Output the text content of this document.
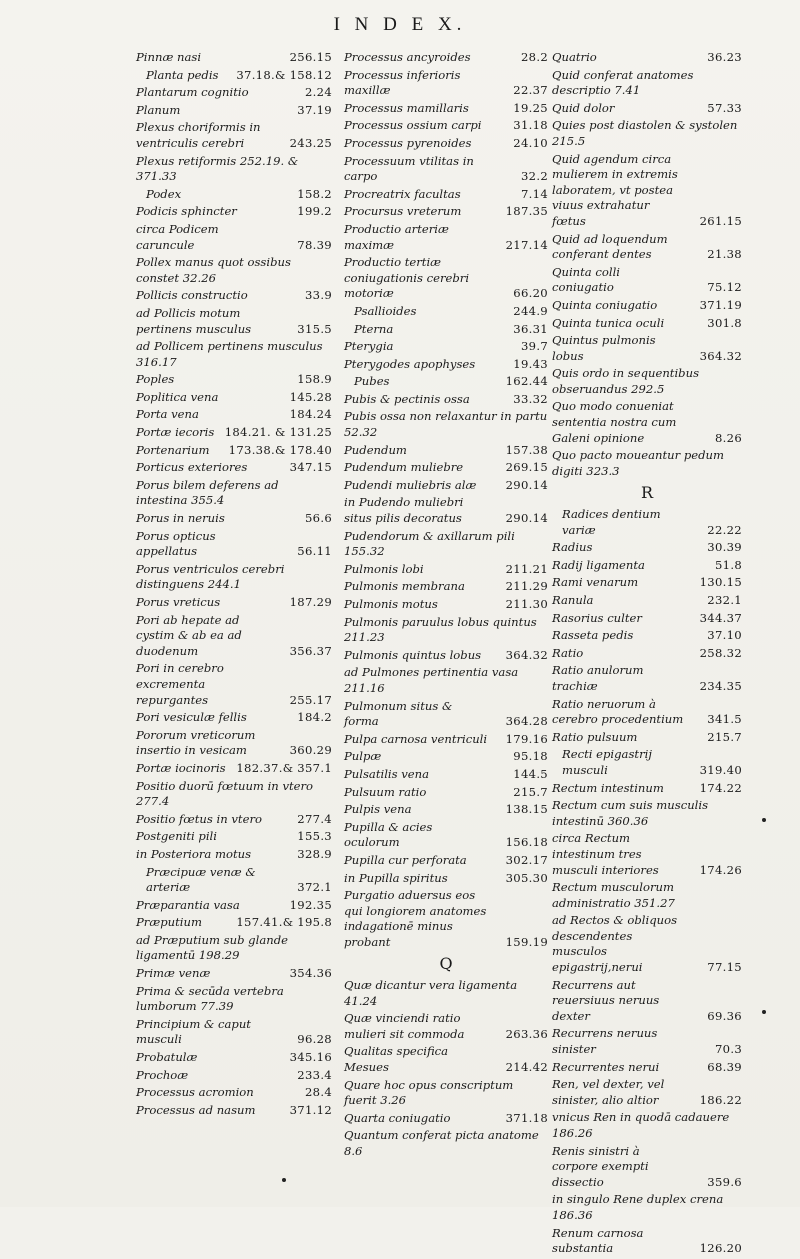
I N D E X.
Pinnæ nasi	256.15
Planta pedis 37.18.& 158.12
Plantarum cognitio	2.24
Planum	37.19
Plexus choriformis in ventriculis cerebri	243.25
Plexus retiformis 252.19. & 371.33
Podex	158.2
Podicis sphincter	199.2
circa Podicem caruncule	78.39
Pollex manus quot ossibus constet 32.26
Pollicis constructio	33.9
ad Pollicis motum pertinens musculus	315.5
ad Pollicem pertinens musculus 316.17
Poples	158.9
Poplitica vena	145.28
Porta vena	184.24
Portæ iecoris 184.21. & 131.25
Portenarium 173.38.& 178.40
Porticus exteriores	347.15
Porus bilem deferens ad intestina 355.4
Porus in neruis	56.6
Porus opticus appellatus	56.11
Porus ventriculos cerebri distinguens 244.1
Porus vreticus	187.29
Pori ab hepate ad cystim & ab ea ad duodenum	356.37
Pori in cerebro excrementa repurgantes	255.17
Pori vesiculæ fellis	184.2
Pororum vreticorum insertio in vesicam	360.29
Portæ iocinoris 182.37.& 357.1
Positio duorū fœtuum in vtero 277.4
Positio fœtus in vtero	277.4
Postgeniti pili	155.3
in Posteriora motus	328.9
Præcipuæ venæ & arteriæ	372.1
Præparantia vasa	192.35
Præputium	157.41.& 195.8
ad Præputium sub glande ligamentū 198.29
Primæ venæ	354.36
Prima & secūda vertebra lumborum 77.39
Principium & caput musculi	96.28
Probatulæ	345.16
Prochoæ	233.4
Processus acromion	28.4
Processus ad nasum	371.12
Processus ancyroides	28.2
Processus inferioris maxillæ	22.37
Processus mamillaris	19.25
Processus ossium carpi	31.18
Processus pyrenoides	24.10
Processuum vtilitas in carpo	32.2
Procreatrix facultas	7.14
Procursus vreterum	187.35
Productio arteriæ maximæ	217.14
Productio tertiæ coniugationis cerebri motoriæ	66.20
Psallioides	244.9
Pterna	36.31
Pterygia	39.7
Pterygodes apophyses	19.43
Pubes	162.44
Pubis & pectinis ossa	33.32
Pubis ossa non relaxantur in partu 52.32
Pudendum	157.38
Pudendum muliebre	269.15
Pudendi muliebris alæ	290.14
in Pudendo muliebri situs pilis decoratus	290.14
Pudendorum & axillarum pili 155.32
Pulmonis lobi	211.21
Pulmonis membrana	211.29
Pulmonis motus	211.30
Pulmonis paruulus lobus quintus 211.23
Pulmonis quintus lobus 364.32
ad Pulmones pertinentia vasa 211.16
Pulmonum situs & forma	364.28
Pulpa carnosa ventriculi 179.16
Pulpæ	95.18
Pulsatilis vena	144.5
Pulsuum ratio	215.7
Pulpis vena	138.15
Pupilla & acies oculorum	156.18
Pupilla cur perforata	302.17
in Pupilla spiritus	305.30
Purgatio aduersus eos qui longiorem anatomes indagationē minus probant	159.19
Q
Quæ dicantur vera ligamenta 41.24
Quæ vinciendi ratio mulieri sit commoda	263.36
Qualitas specifica Mesues	214.42
Quare hoc opus conscriptum fuerit 3.26
Quarta coniugatio	371.18
Quantum conferat picta anatome 8.6
Quatrio	36.23
Quid conferat anatomes descriptio 7.41
Quid dolor	57.33
Quies post diastolen & systolen 215.5
Quid agendum circa mulierem in extremis laboratem, vt postea viuus extrahatur fœtus	261.15
Quid ad loquendum conferant dentes	21.38
Quinta colli coniugatio	75.12
Quinta coniugatio	371.19
Quinta tunica oculi	301.8
Quintus pulmonis lobus	364.32
Quis ordo in sequentibus obseruandus 292.5
Quo modo conueniat sententia nostra cum Galeni opinione	8.26
Quo pacto moueantur pedum digiti 323.3
R
Radices dentium variæ	22.22
Radius	30.39
Radij ligamenta	51.8
Rami venarum	130.15
Ranula	232.1
Rasorius culter	344.37
Rasseta pedis	37.10
Ratio	258.32
Ratio anulorum trachiæ	234.35
Ratio neruorum à cerebro procedentium 341.5
Ratio pulsuum	215.7
Recti epigastrij musculi	319.40
Rectum intestinum	174.22
Rectum cum suis musculis intestinū 360.36
circa Rectum intestinum tres musculi interiores	174.26
Rectum musculorum administratio 351.27
ad Rectos & obliquos descendentes musculos epigastrij,nerui	77.15
Recurrens aut reuersiuus neruus dexter	69.36
Recurrens neruus sinister	70.3
Recurrentes nerui	68.39
Ren, vel dexter, vel sinister, alio altior	186.22
vnicus Ren in quodā cadauere 186.26
Renis sinistri à corpore exempti dissectio	359.6
in singulo Rene duplex crena 186.36
Renum carnosa substantia	126.20
